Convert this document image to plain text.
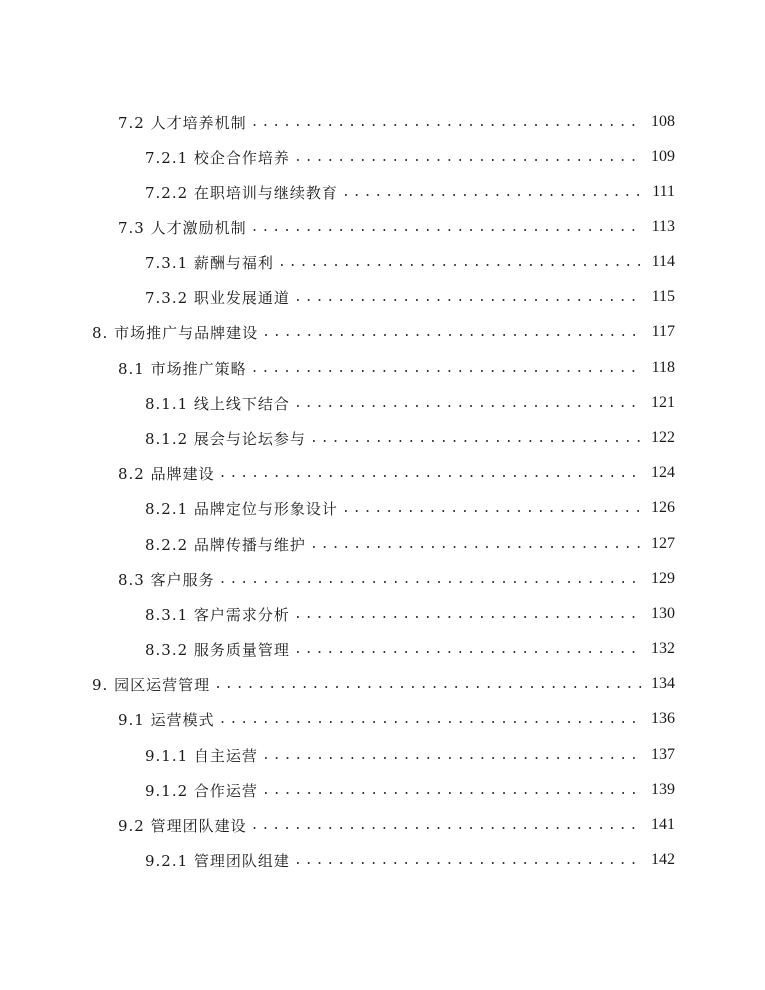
7.2 人才培养机制 .....	108
7.2.1 校企合作培养 .....	109
7.2.2 在职培训与继续教育 .....	111
7.3 人才激励机制 .....	113
7.3.1 薪酬与福利 .....	114
7.3.2 职业发展通道 .....	115
8. 市场推广与品牌建设 .....	117
8.1 市场推广策略 .....	118
8.1.1 线上线下结合 .....	121
8.1.2 展会与论坛参与 .....	122
8.2 品牌建设 .....	124
8.2.1 品牌定位与形象设计 .....	126
8.2.2 品牌传播与维护 .....	127
8.3 客户服务 .....	129
8.3.1 客户需求分析 .....	130
8.3.2 服务质量管理 .....	132
9. 园区运营管理 .....	134
9.1 运营模式 .....	136
9.1.1 自主运营 .....	137
9.1.2 合作运营 .....	139
9.2 管理团队建设 .....	141
9.2.1 管理团队组建 .....	142
